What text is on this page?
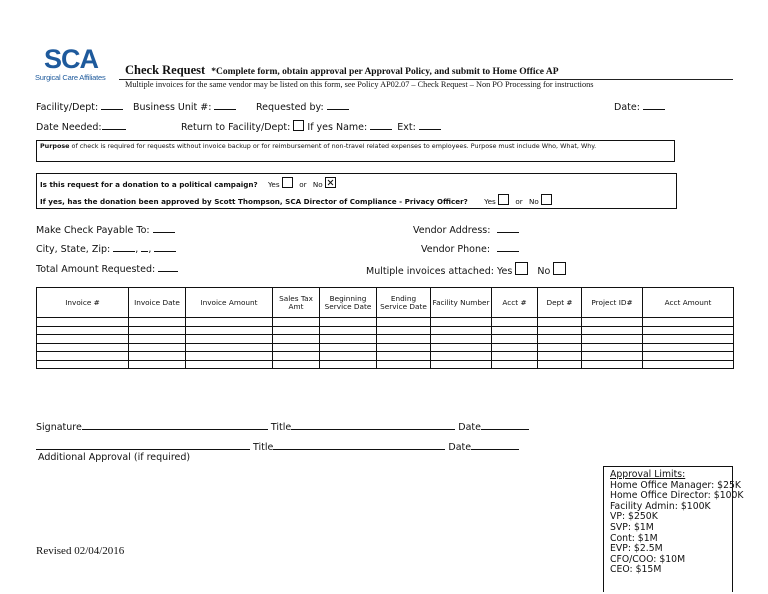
SCA
Surgical Care Affiliates
Check Request *Complete form, obtain approval per Approval Policy, and submit to Home Office AP
Multiple invoices for the same vendor may be listed on this form, see Policy AP02.07 – Check Request – Non PO Processing for instructions
Facility/Dept:	Business Unit #:	Requested by:	Date:
Date Needed:	Return to Facility/Dept: If yes Name:	Ext:
Purpose of check is required for requests without invoice backup or for reimbursement of non-travel related expenses to employees. Purpose must include Who, What, Why.
Is this request for a donation to a political campaign? Yes	or No
If yes, has the donation been approved by Scott Thompson, SCA Director of Compliance - Privacy Officer? Yes	or No
Make Check Payable To:
City, State, Zip:	, ,
Total Amount Requested:
Vendor Address:
Vendor Phone:
Multiple invoices attached: Yes	No
Invoice #	Invoice Date	Invoice Amount	Sales Tax Amt	Beginning Service Date	Ending Service Date	Facility Number	Acct #	Dept #	Project ID#	Acct Amount

Signature	Title	Date
Title	Date
Additional Approval (if required)
Approval Limits:
Home Office Manager: $25K
Home Office Director: $100K
Facility Admin: $100K
VP: $250K
SVP: $1M
Cont: $1M
EVP: $2.5M
CFO/COO: $10M
CEO: $15M
Revised 02/04/2016
